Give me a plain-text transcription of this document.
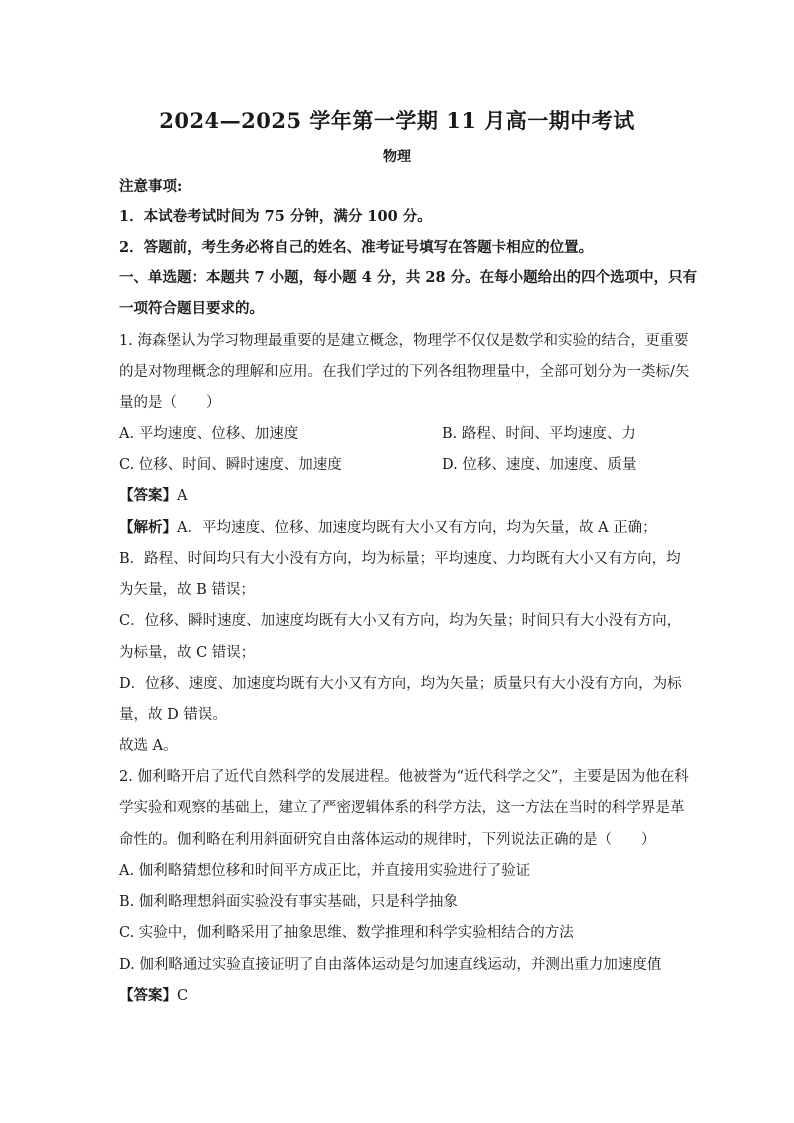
2024—2025 学年第一学期 11 月高一期中考试
物理
注意事项:
1．本试卷考试时间为 75 分钟，满分 100 分。
2．答题前，考生务必将自己的姓名、准考证号填写在答题卡相应的位置。
一、单选题：本题共 7 小题，每小题 4 分，共 28 分。在每小题给出的四个选项中，只有
一项符合题目要求的。
1. 海森堡认为学习物理最重要的是建立概念，物理学不仅仅是数学和实验的结合，更重要
的是对物理概念的理解和应用。在我们学过的下列各组物理量中，全部可划分为一类标/矢
量的是（　　）
A. 平均速度、位移、加速度	B. 路程、时间、平均速度、力
C. 位移、时间、瞬时速度、加速度	D. 位移、速度、加速度、质量
【答案】A
【解析】A．平均速度、位移、加速度均既有大小又有方向，均为矢量，故 A 正确；
B．路程、时间均只有大小没有方向，均为标量；平均速度、力均既有大小又有方向，均
为矢量，故 B 错误；
C．位移、瞬时速度、加速度均既有大小又有方向，均为矢量；时间只有大小没有方向，
为标量，故 C 错误；
D．位移、速度、加速度均既有大小又有方向，均为矢量；质量只有大小没有方向，为标
量，故 D 错误。
故选 A。
2. 伽利略开启了近代自然科学的发展进程。他被誉为“近代科学之父”，主要是因为他在科
学实验和观察的基础上，建立了严密逻辑体系的科学方法，这一方法在当时的科学界是革
命性的。伽利略在利用斜面研究自由落体运动的规律时，下列说法正确的是（　　）
A. 伽利略猜想位移和时间平方成正比，并直接用实验进行了验证
B. 伽利略理想斜面实验没有事实基础，只是科学抽象
C. 实验中，伽利略采用了抽象思维、数学推理和科学实验相结合的方法
D. 伽利略通过实验直接证明了自由落体运动是匀加速直线运动，并测出重力加速度值
【答案】C
